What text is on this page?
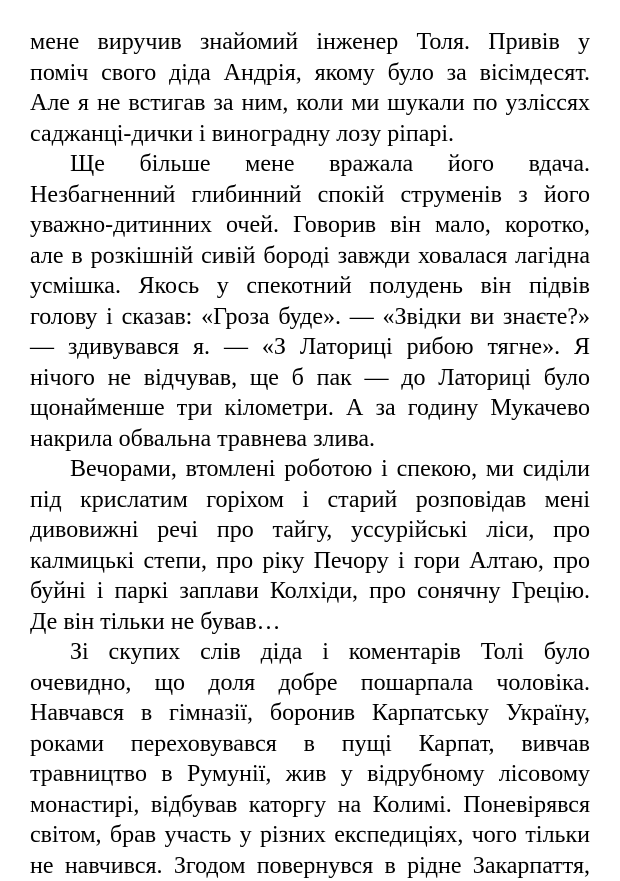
мене виручив знайомий інженер Толя. Привів у
поміч свого діда Андрія, якому було за вісімдесят.
Але я не встигав за ним, коли ми шукали по узліссях
саджанці-дички і виноградну лозу ріпарі.
Ще більше мене вражала його вдача.
Незбагненний глибинний спокій струменів з його
уважно-дитинних очей. Говорив він мало, коротко,
але в розкішній сивій бороді завжди ховалася лагідна
усмішка. Якось у спекотний полудень він підвів
голову і сказав: «Гроза буде». — «Звідки ви знаєте?»
— здивувався я. — «З Латориці рибою тягне». Я
нічого не відчував, ще б пак — до Латориці було
щонайменше три кілометри. А за годину Мукачево
накрила обвальна травнева злива.
Вечорами, втомлені роботою і спекою, ми сиділи
під крислатим горіхом і старий розповідав мені
дивовижні речі про тайгу, уссурійські ліси, про
калмицькі степи, про ріку Печору і гори Алтаю, про
буйні і паркі заплави Колхіди, про сонячну Грецію.
Де він тільки не бував…
Зі скупих слів діда і коментарів Толі було
очевидно, що доля добре пошарпала чоловіка.
Навчався в гімназії, боронив Карпатську Україну,
роками переховувався в пущі Карпат, вивчав
травництво в Румунії, жив у відрубному лісовому
монастирі, відбував каторгу на Колимі. Поневірявся
світом, брав участь у різних експедиціях, чого тільки
не навчився. Згодом повернувся в рідне Закарпаття,
